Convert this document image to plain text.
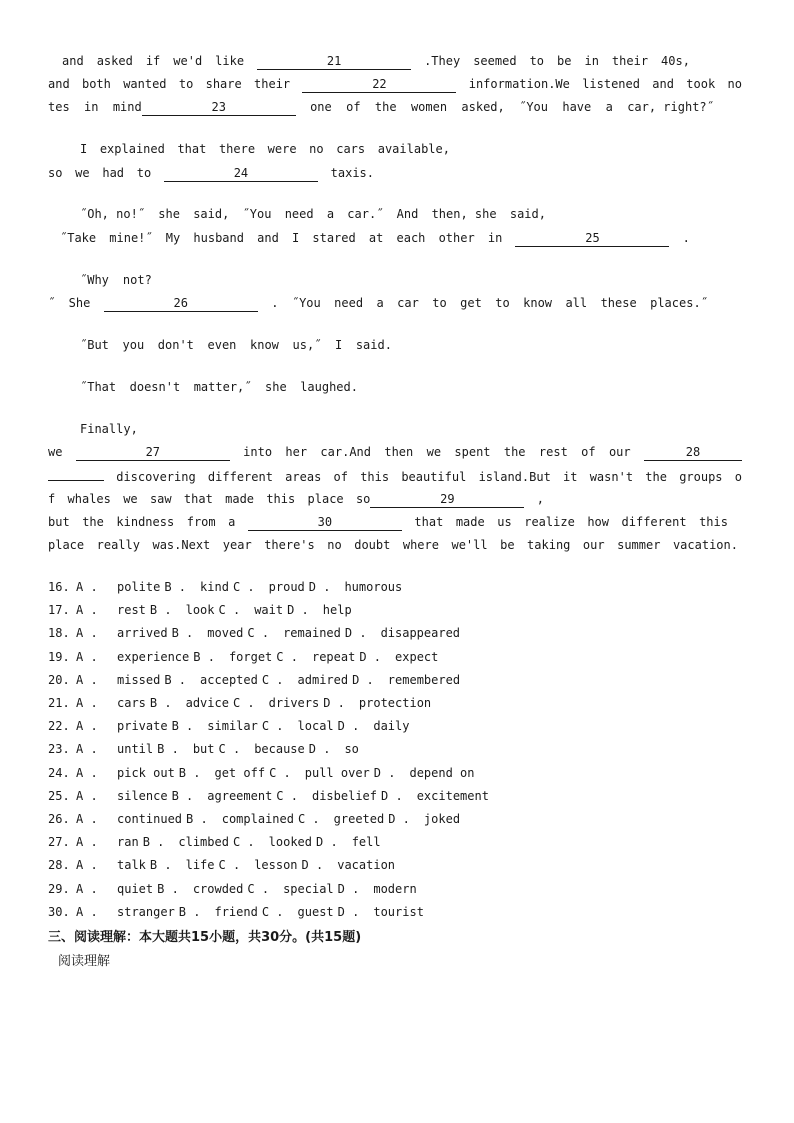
and asked if we'd like	21	.They seemed to be in their 40s,
and both wanted to share their	22	information.We listened and took no
tes in mind	23	one of the women asked, ˝You have a car, right?˝
I explained that there were no cars available,
so we had to	24	taxis.
˝Oh, no!˝ she said, ˝You need a car.˝ And then, she said,
˝Take mine!˝ My husband and I stared at each other in	25	.
˝Why not?
˝ She	26	. ˝You need a car to get to know all these places.˝
˝But you don't even know us,˝ I said.
˝That doesn't matter,˝ she laughed.
Finally,
we	27	into her car.And then we spent the rest of our	28
discovering different areas of this beautiful island.But it wasn't the groups o
f whales we saw that made this place so	29	,
but the kindness from a	30	that made us realize how different this
place really was.Next year there's no doubt where we'll be taking our summer vacation.
16. A .	polite B . kind C . proud D . humorous
17. A .	rest B . look C . wait D . help
18. A .	arrived B . moved C . remained D . disappeared
19. A .	experience B . forget C . repeat D . expect
20. A .	missed B . accepted C . admired D . remembered
21. A .	cars B . advice C . drivers D . protection
22. A .	private B . similar C . local D . daily
23. A .	until B . but C . because D . so
24. A .	pick out B . get off C . pull over D . depend on
25. A .	silence B . agreement C . disbelief D . excitement
26. A .	continued B . complained C . greeted D . joked
27. A .	ran B . climbed C . looked D . fell
28. A .	talk B . life C . lesson D . vacation
29. A .	quiet B . crowded C . special D . modern
30. A .	stranger B . friend C . guest D . tourist
三、阅读理解：本大题共15小题，共30分。(共15题)
阅读理解
